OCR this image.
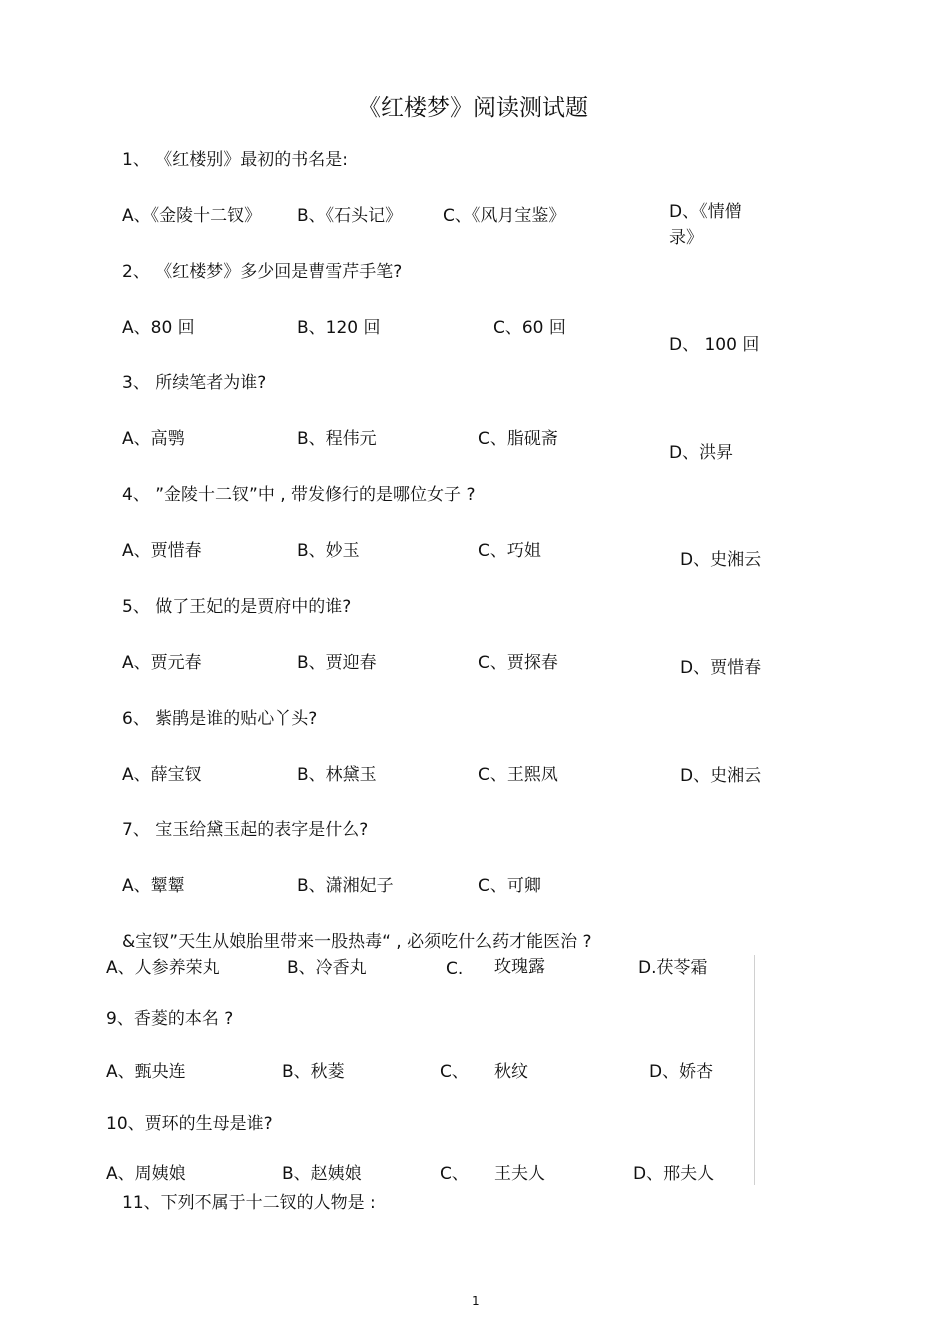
《红楼梦》阅读测试题
1、 《红楼别》最初的书名是:
A、《金陵十二钗》 B、《石头记》 C、《风月宝鉴》	D、《情僧
录》
2、 《红楼梦》多少回是曹雪芹手笔?
A、80 回	B、120 回	C、60 回
D、 100 回
3、 所续笔者为谁?
A、高鹗	B、程伟元	C、脂砚斋
D、洪昇
4、 ”金陵十二钗”中 , 带发修行的是哪位女子 ?
A、贾惜春	B、妙玉	C、巧姐	D、史湘云
5、 做了王妃的是贾府中的谁?
A、贾元春	B、贾迎春	C、贾探春	D、贾惜春
6、 紫鹃是谁的贴心丫头?
A、薛宝钗	B、林黛玉	C、王熙凤	D、史湘云
7、 宝玉给黛玉起的表字是什么?
A、颦颦	B、潇湘妃子	C、可卿
&宝钗”天生从娘胎里带来一股热毒“ , 必须吃什么药才能医治 ?
A、人参养荣丸	B、冷香丸	C. 玫瑰露	D.茯苓霜
9、香菱的本名 ?
A、甄央连	B、秋菱	C、 秋纹	D、娇杏
10、贾环的生母是谁?
A、周姨娘	B、赵姨娘	C、 王夫人	D、邢夫人
11、下列不属于十二钗的人物是 :
1
